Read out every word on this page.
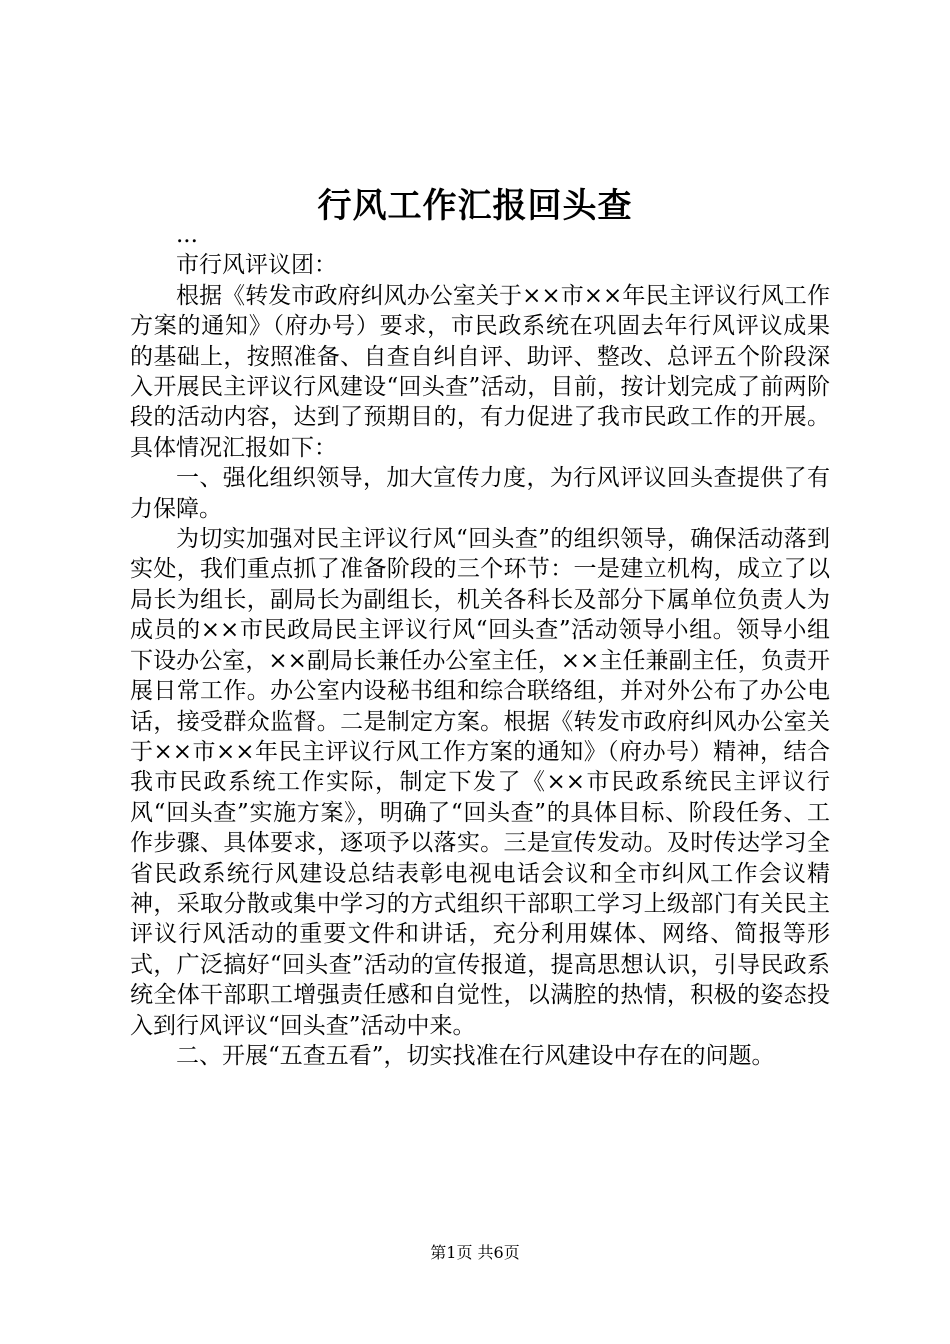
行风工作汇报回头查

...

市行风评议团：

根据《转发市政府纠风办公室关于××市××年民主评议行风工作方案的通知》（府办号）要求，市民政系统在巩固去年行风评议成果的基础上，按照准备、自查自纠自评、助评、整改、总评五个阶段深入开展民主评议行风建设“回头查”活动，目前，按计划完成了前两阶段的活动内容，达到了预期目的，有力促进了我市民政工作的开展。具体情况汇报如下：

一、强化组织领导，加大宣传力度，为行风评议回头查提供了有力保障。

为切实加强对民主评议行风“回头查”的组织领导，确保活动落到实处，我们重点抓了准备阶段的三个环节：一是建立机构，成立了以局长为组长，副局长为副组长，机关各科长及部分下属单位负责人为成员的××市民政局民主评议行风“回头查”活动领导小组。领导小组下设办公室，××副局长兼任办公室主任，××主任兼副主任，负责开展日常工作。办公室内设秘书组和综合联络组，并对外公布了办公电话，接受群众监督。二是制定方案。根据《转发市政府纠风办公室关于××市××年民主评议行风工作方案的通知》（府办号）精神，结合我市民政系统工作实际，制定下发了《××市民政系统民主评议行风“回头查”实施方案》，明确了“回头查”的具体目标、阶段任务、工作步骤、具体要求，逐项予以落实。三是宣传发动。及时传达学习全省民政系统行风建设总结表彰电视电话会议和全市纠风工作会议精神，采取分散或集中学习的方式组织干部职工学习上级部门有关民主评议行风活动的重要文件和讲话，充分利用媒体、网络、简报等形式，广泛搞好“回头查”活动的宣传报道，提高思想认识，引导民政系统全体干部职工增强责任感和自觉性，以满腔的热情，积极的姿态投入到行风评议“回头查”活动中来。

二、开展“五查五看”，切实找准在行风建设中存在的问题。

第1页 共6页
